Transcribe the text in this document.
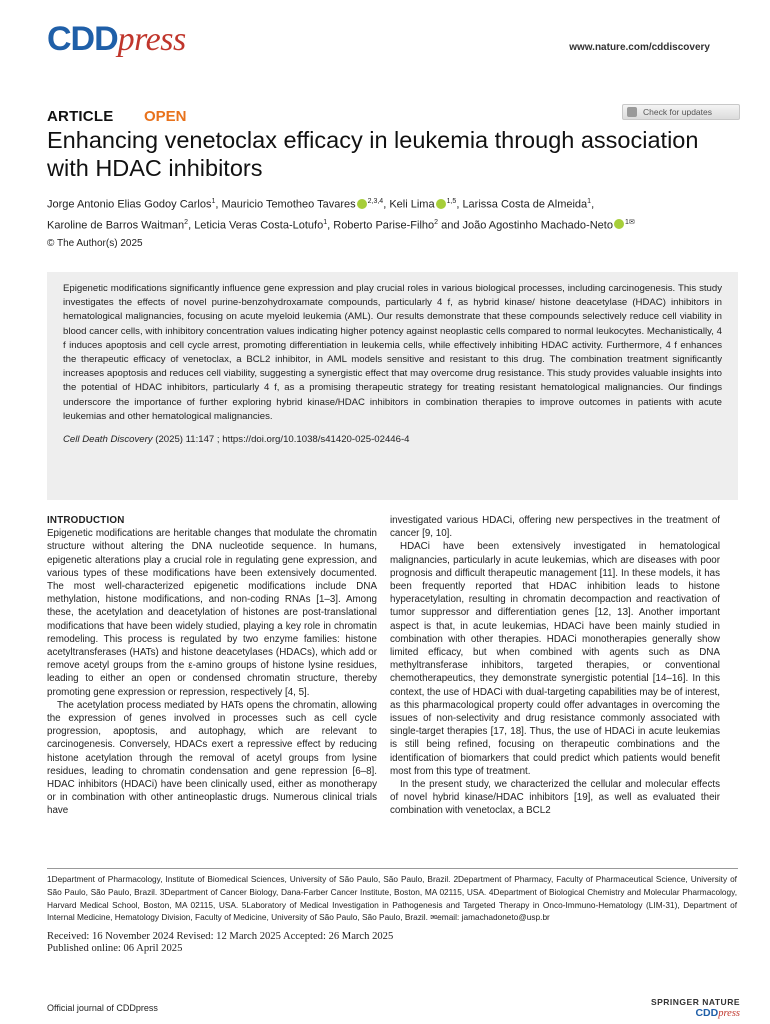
CDDpress	www.nature.com/cddiscovery
ARTICLE OPEN	Check for updates
Enhancing venetoclax efficacy in leukemia through association with HDAC inhibitors
Jorge Antonio Elias Godoy Carlos$^1$, Mauricio Temotheo Tavares $^{2,3,4}$, Keli Lima $^{1,5}$, Larissa Costa de Almeida$^1$,
Karoline de Barros Waitman$^2$, Leticia Veras Costa-Lotufo$^1$, Roberto Parise-Filho$^2$ and João Agostinho Machado-Neto $^{1✉}$
© The Author(s) 2025
Epigenetic modifications significantly influence gene expression and play crucial roles in various biological processes, including carcinogenesis. This study investigates the effects of novel purine-benzohydroxamate compounds, particularly 4 f, as hybrid kinase/ histone deacetylase (HDAC) inhibitors in hematological malignancies, focusing on acute myeloid leukemia (AML). Our results demonstrate that these compounds selectively reduce cell viability in blood cancer cells, with inhibitory concentration values indicating higher potency against neoplastic cells compared to normal leukocytes. Mechanistically, 4 f induces apoptosis and cell cycle arrest, promoting differentiation in leukemia cells, while effectively inhibiting HDAC activity. Furthermore, 4 f enhances the therapeutic efficacy of venetoclax, a BCL2 inhibitor, in AML models sensitive and resistant to this drug. The combination treatment significantly increases apoptosis and reduces cell viability, suggesting a synergistic effect that may overcome drug resistance. This study provides valuable insights into the potential of HDAC inhibitors, particularly 4 f, as a promising therapeutic strategy for treating resistant hematological malignancies. Our findings underscore the importance of further exploring hybrid kinase/HDAC inhibitors in combination therapies to improve outcomes in patients with acute leukemias and other hematological malignancies.
Cell Death Discovery (2025) 11:147 ; https://doi.org/10.1038/s41420-025-02446-4
INTRODUCTION

Epigenetic modifications are heritable changes that modulate the chromatin structure without altering the DNA nucleotide sequence. In humans, epigenetic alterations play a crucial role in regulating gene expression, and various types of these modifications have been extensively documented. The most well-characterized epigenetic modifications include DNA methylation, histone modifications, and non-coding RNAs [1–3]. Among these, the acetylation and deacetylation of histones are post-translational modifications that have been widely studied, playing a key role in chromatin remodeling. This process is regulated by two enzyme families: histone acetyltransferases (HATs) and histone deacetylases (HDACs), which add or remove acetyl groups from the ε-amino groups of histone lysine residues, leading to either an open or condensed chromatin structure, thereby promoting gene expression or repression, respectively [4, 5].

The acetylation process mediated by HATs opens the chromatin, allowing the expression of genes involved in processes such as cell cycle progression, apoptosis, and autophagy, which are relevant to carcinogenesis. Conversely, HDACs exert a repressive effect by reducing histone acetylation through the removal of acetyl groups from lysine residues, leading to chromatin condensation and gene repression [6–8]. HDAC inhibitors (HDACi) have been clinically used, either as monotherapy or in combination with other antineoplastic drugs. Numerous clinical trials have

investigated various HDACi, offering new perspectives in the treatment of cancer [9, 10].

HDACi have been extensively investigated in hematological malignancies, particularly in acute leukemias, which are diseases with poor prognosis and difficult therapeutic management [11]. In these models, it has been frequently reported that HDAC inhibition leads to histone hyperacetylation, resulting in chromatin decompaction and reactivation of tumor suppressor and differentiation genes [12, 13]. Another important aspect is that, in acute leukemias, HDACi have been mainly studied in combination with other therapies. HDACi monotherapies generally show limited efficacy, but when combined with agents such as DNA methyltransferase inhibitors, targeted therapies, or conventional chemotherapeutics, they demonstrate synergistic potential [14–16]. In this context, the use of HDACi with dual-targeting capabilities may be of interest, as this pharmacological property could offer advantages in overcoming the issues of non-selectivity and drug resistance commonly associated with single-target therapies [17, 18]. Thus, the use of HDACi in acute leukemias is still being refined, focusing on therapeutic combinations and the identification of biomarkers that could predict which patients would benefit most from this type of treatment.

In the present study, we characterized the cellular and molecular effects of novel hybrid kinase/HDAC inhibitors [19], as well as evaluated their combination with venetoclax, a BCL2

1Department of Pharmacology, Institute of Biomedical Sciences, University of São Paulo, São Paulo, Brazil. 2Department of Pharmacy, Faculty of Pharmaceutical Science, University of São Paulo, São Paulo, Brazil. 3Department of Cancer Biology, Dana-Farber Cancer Institute, Boston, MA 02115, USA. 4Department of Biological Chemistry and Molecular Pharmacology, Harvard Medical School, Boston, MA 02115, USA. 5Laboratory of Medical Investigation in Pathogenesis and Targeted Therapy in Onco-Immuno-Hematology (LIM-31), Department of Internal Medicine, Hematology Division, Faculty of Medicine, University of São Paulo, São Paulo, Brazil. ✉email: jamachadoneto@usp.br
Received: 16 November 2024 Revised: 12 March 2025 Accepted: 26 March 2025
Published online: 06 April 2025
Official journal of CDDpress
SPRINGER NATURE
CDDpress
